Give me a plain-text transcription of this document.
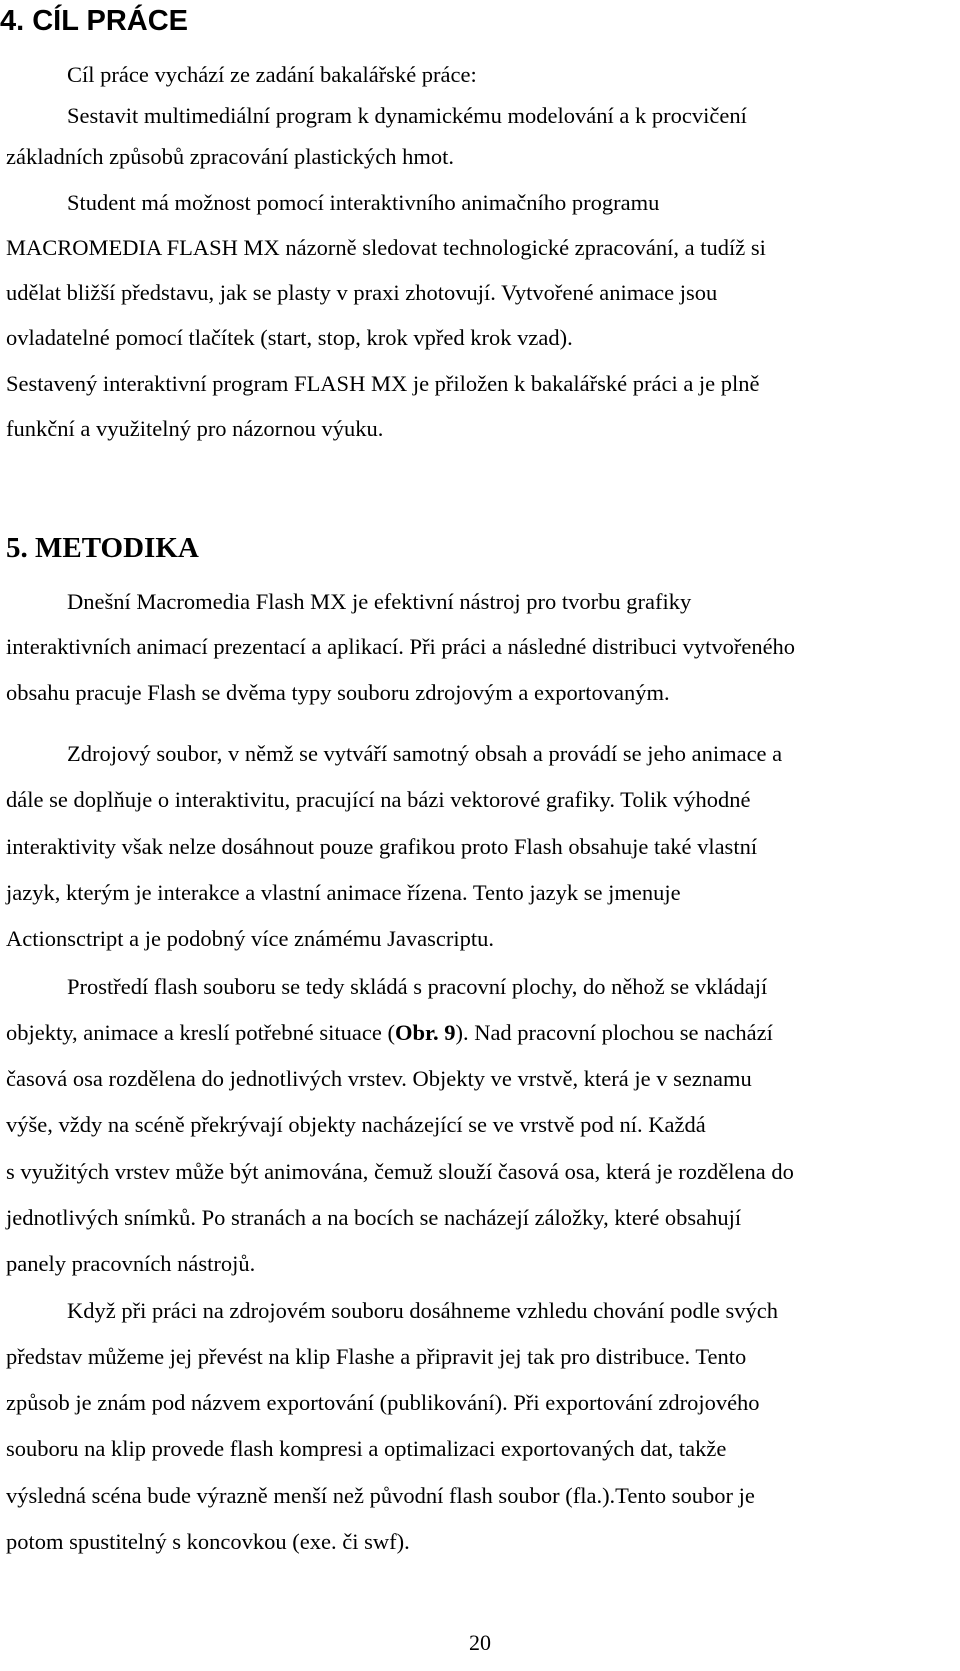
4. CÍL PRÁCE
Cíl práce vychází ze zadání bakalářské práce:
Sestavit multimediální program k dynamickému modelování a k procvičení
základních způsobů zpracování plastických hmot.
Student má možnost pomocí interaktivního animačního programu
MACROMEDIA FLASH MX názorně sledovat technologické zpracování, a tudíž si
udělat bližší představu, jak se plasty v praxi zhotovují. Vytvořené animace jsou
ovladatelné pomocí tlačítek (start, stop, krok vpřed krok vzad).
Sestavený interaktivní program FLASH MX je přiložen k bakalářské práci a je plně
funkční a využitelný pro názornou výuku.
5. METODIKA
Dnešní Macromedia Flash MX je efektivní nástroj pro tvorbu grafiky
interaktivních animací prezentací a aplikací. Při práci a následné distribuci vytvořeného
obsahu pracuje Flash se dvěma typy souboru zdrojovým a exportovaným.
Zdrojový soubor, v němž se vytváří samotný obsah a provádí se jeho animace a
dále se doplňuje o interaktivitu, pracující na bázi vektorové grafiky. Tolik výhodné
interaktivity však nelze dosáhnout pouze grafikou proto Flash obsahuje také vlastní
jazyk, kterým je interakce a vlastní animace řízena. Tento jazyk se jmenuje
Actionsctript a je podobný více známému Javascriptu.
Prostředí flash souboru se tedy skládá s pracovní plochy, do něhož se vkládají
objekty, animace a kreslí potřebné situace (Obr. 9). Nad pracovní plochou se nachází
časová osa rozdělena do jednotlivých vrstev. Objekty ve vrstvě, která je v seznamu
výše, vždy na scéně překrývají objekty nacházející se ve vrstvě pod ní. Každá
s využitých vrstev může být animována, čemuž slouží časová osa, která je rozdělena do
jednotlivých snímků. Po stranách a na bocích se nacházejí záložky, které obsahují
panely pracovních nástrojů.
Když při práci na zdrojovém souboru dosáhneme vzhledu chování podle svých
představ můžeme jej převést na klip Flashe a připravit jej tak pro distribuce. Tento
způsob je znám pod názvem exportování (publikování). Při exportování zdrojového
souboru na klip provede flash kompresi a optimalizaci exportovaných dat, takže
výsledná scéna bude výrazně menší než původní flash soubor (fla.).Tento soubor je
potom spustitelný s koncovkou (exe. či swf).
20
